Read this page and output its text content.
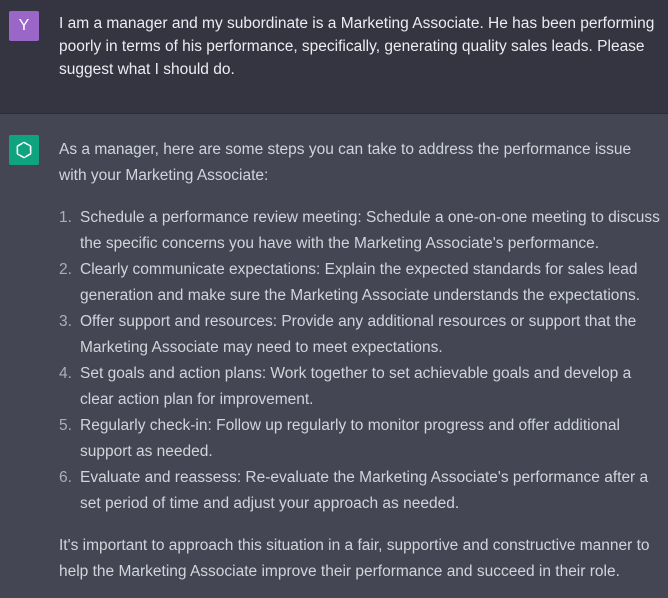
Y	I am a manager and my subordinate is a Marketing Associate. He has been performing poorly in terms of his performance, specifically, generating quality sales leads. Please suggest what I should do.

As a manager, here are some steps you can take to address the performance issue with your Marketing Associate:

1. Schedule a performance review meeting: Schedule a one-on-one meeting to discuss the specific concerns you have with the Marketing Associate's performance.
2. Clearly communicate expectations: Explain the expected standards for sales lead generation and make sure the Marketing Associate understands the expectations.
3. Offer support and resources: Provide any additional resources or support that the Marketing Associate may need to meet expectations.
4. Set goals and action plans: Work together to set achievable goals and develop a clear action plan for improvement.
5. Regularly check-in: Follow up regularly to monitor progress and offer additional support as needed.
6. Evaluate and reassess: Re-evaluate the Marketing Associate's performance after a set period of time and adjust your approach as needed.

It's important to approach this situation in a fair, supportive and constructive manner to help the Marketing Associate improve their performance and succeed in their role.
